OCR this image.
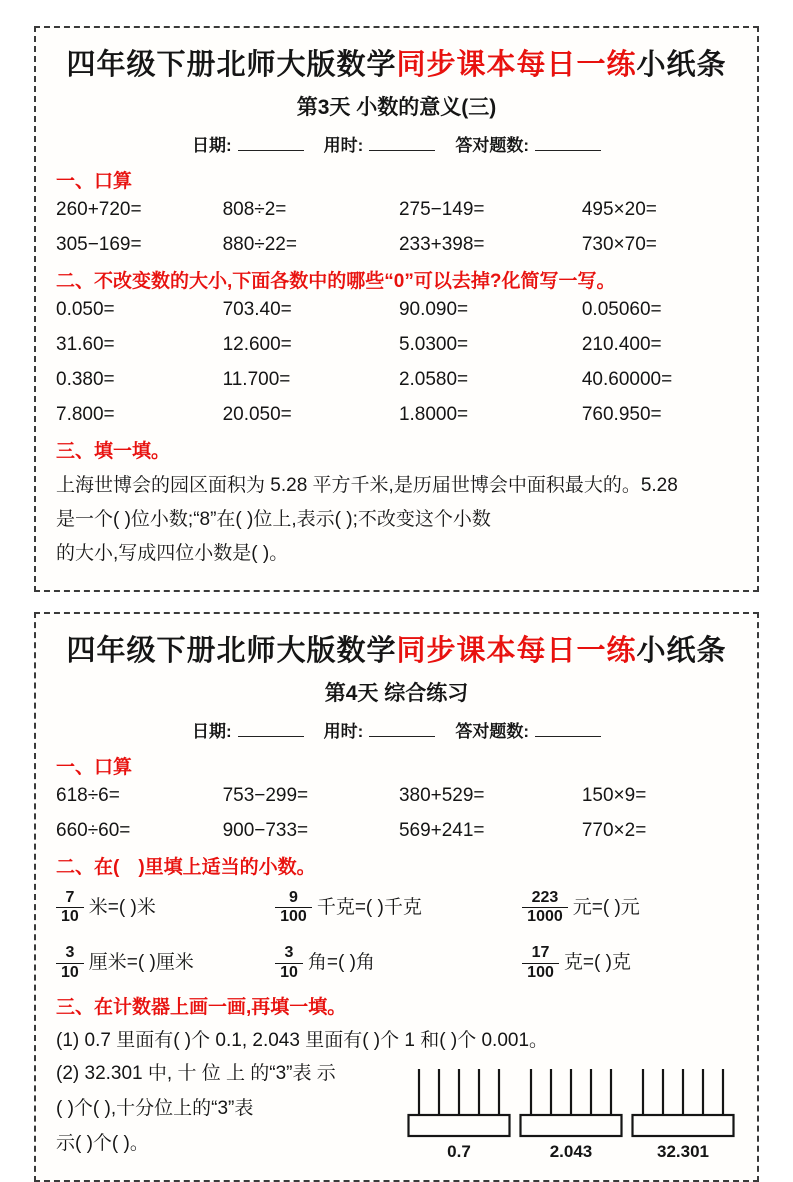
四年级下册北师大版数学同步课本每日一练小纸条
第3天 小数的意义(三)
日期:	用时:	答对题数:
一、口算
260+720=	808÷2=	275−149=	495×20=
305−169=	880÷22=	233+398=	730×70=
二、不改变数的大小,下面各数中的哪些“0”可以去掉?化简写一写。
0.050=	703.40=	90.090=	0.05060=
31.60=	12.600=	5.0300=	210.400=
0.380=	11.700=	2.0580=	40.60000=
7.800=	20.050=	1.8000=	760.950=
三、填一填。
上海世博会的园区面积为 5.28 平方千米,是历届世博会中面积最大的。5.28
是一个( )位小数;“8”在( )位上,表示( );不改变这个小数
的大小,写成四位小数是( )。
四年级下册北师大版数学同步课本每日一练小纸条
第4天 综合练习
日期:	用时:	答对题数:
一、口算
618÷6=	753−299=	380+529=	150×9=
660÷60=	900−733=	569+241=	770×2=
二、在(　)里填上适当的小数。
$\frac{7}{10}$ 米=( )米	$\frac{9}{100}$ 千克=( )千克	$\frac{223}{1000}$ 元=( )元
$\frac{3}{10}$ 厘米=( )厘米	$\frac{3}{10}$ 角=( )角	$\frac{17}{100}$ 克=( )克
三、在计数器上画一画,再填一填。
(1) 0.7 里面有( )个 0.1, 2.043 里面有( )个 1 和( )个 0.001。
(2) 32.301 中, 十 位 上 的“3”表 示
( )个( ),十分位上的“3”表
示( )个( )。	0.7	2.043	32.301
